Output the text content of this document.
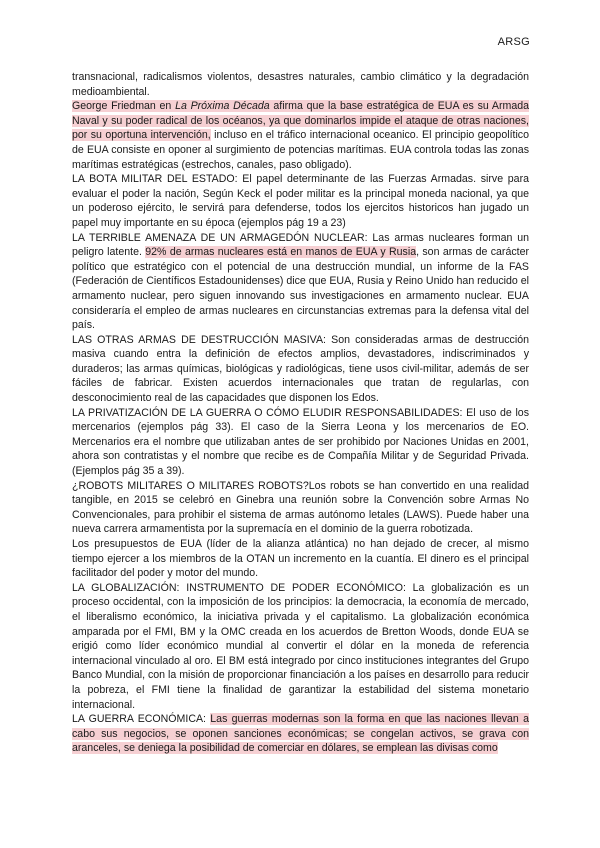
ARSG

transnacional, radicalismos violentos, desastres naturales, cambio climático y la degradación medioambiental.

George Friedman en La Próxima Década afirma que la base estratégica de EUA es su Armada Naval y su poder radical de los océanos, ya que dominarlos impide el ataque de otras naciones, por su oportuna intervención, incluso en el tráfico internacional oceanico. El principio geopolítico de EUA consiste en oponer al surgimiento de potencias marítimas. EUA controla todas las zonas marítimas estratégicas (estrechos, canales, paso obligado).

LA BOTA MILITAR DEL ESTADO: El papel determinante de las Fuerzas Armadas. sirve para evaluar el poder la nación, Según Keck el poder militar es la principal moneda nacional, ya que un poderoso ejército, le servirá para defenderse, todos los ejercitos historicos han jugado un papel muy importante en su época (ejemplos pág 19 a 23)

LA TERRIBLE AMENAZA DE UN ARMAGEDÓN NUCLEAR: Las armas nucleares forman un peligro latente. 92% de armas nucleares está en manos de EUA y Rusia, son armas de carácter político que estratégico con el potencial de una destrucción mundial, un informe de la FAS (Federación de Científicos Estadounidenses) dice que EUA, Rusia y Reino Unido han reducido el armamento nuclear, pero siguen innovando sus investigaciones en armamento nuclear. EUA consideraría el empleo de armas nucleares en circunstancias extremas para la defensa vital del país.

LAS OTRAS ARMAS DE DESTRUCCIÓN MASIVA: Son consideradas armas de destrucción masiva cuando entra la definición de efectos amplios, devastadores, indiscriminados y duraderos; las armas químicas, biológicas y radiológicas, tiene usos civil-militar, además de ser fáciles de fabricar. Existen acuerdos internacionales que tratan de regularlas, con desconocimiento real de las capacidades que disponen los Edos.

LA PRIVATIZACIÓN DE LA GUERRA O CÓMO ELUDIR RESPONSABILIDADES: El uso de los mercenarios (ejemplos pág 33). El caso de la Sierra Leona y los mercenarios de EO. Mercenarios era el nombre que utilizaban antes de ser prohibido por Naciones Unidas en 2001, ahora son contratistas y el nombre que recibe es de Compañía Militar y de Seguridad Privada. (Ejemplos pág 35 a 39).

¿ROBOTS MILITARES O MILITARES ROBOTS?Los robots se han convertido en una realidad tangible, en 2015 se celebró en Ginebra una reunión sobre la Convención sobre Armas No Convencionales, para prohibir el sistema de armas autónomo letales (LAWS). Puede haber una nueva carrera armamentista por la supremacía en el dominio de la guerra robotizada.

Los presupuestos de EUA (líder de la alianza atlántica) no han dejado de crecer, al mismo tiempo ejercer a los miembros de la OTAN un incremento en la cuantía. El dinero es el principal facilitador del poder y motor del mundo.

LA GLOBALIZACIÓN: INSTRUMENTO DE PODER ECONÓMICO: La globalización es un proceso occidental, con la imposición de los principios: la democracia, la economía de mercado, el liberalismo económico, la iniciativa privada y el capitalismo. La globalización económica amparada por el FMI, BM y la OMC creada en los acuerdos de Bretton Woods, donde EUA se erigió como líder económico mundial al convertir el dólar en la moneda de referencia internacional vinculado al oro. El BM está integrado por cinco instituciones integrantes del Grupo Banco Mundial, con la misión de proporcionar financiación a los países en desarrollo para reducir la pobreza, el FMI tiene la finalidad de garantizar la estabilidad del sistema monetario internacional.

LA GUERRA ECONÓMICA: Las guerras modernas son la forma en que las naciones llevan a cabo sus negocios, se oponen sanciones económicas; se congelan activos, se grava con aranceles, se deniega la posibilidad de comerciar en dólares, se emplean las divisas como
